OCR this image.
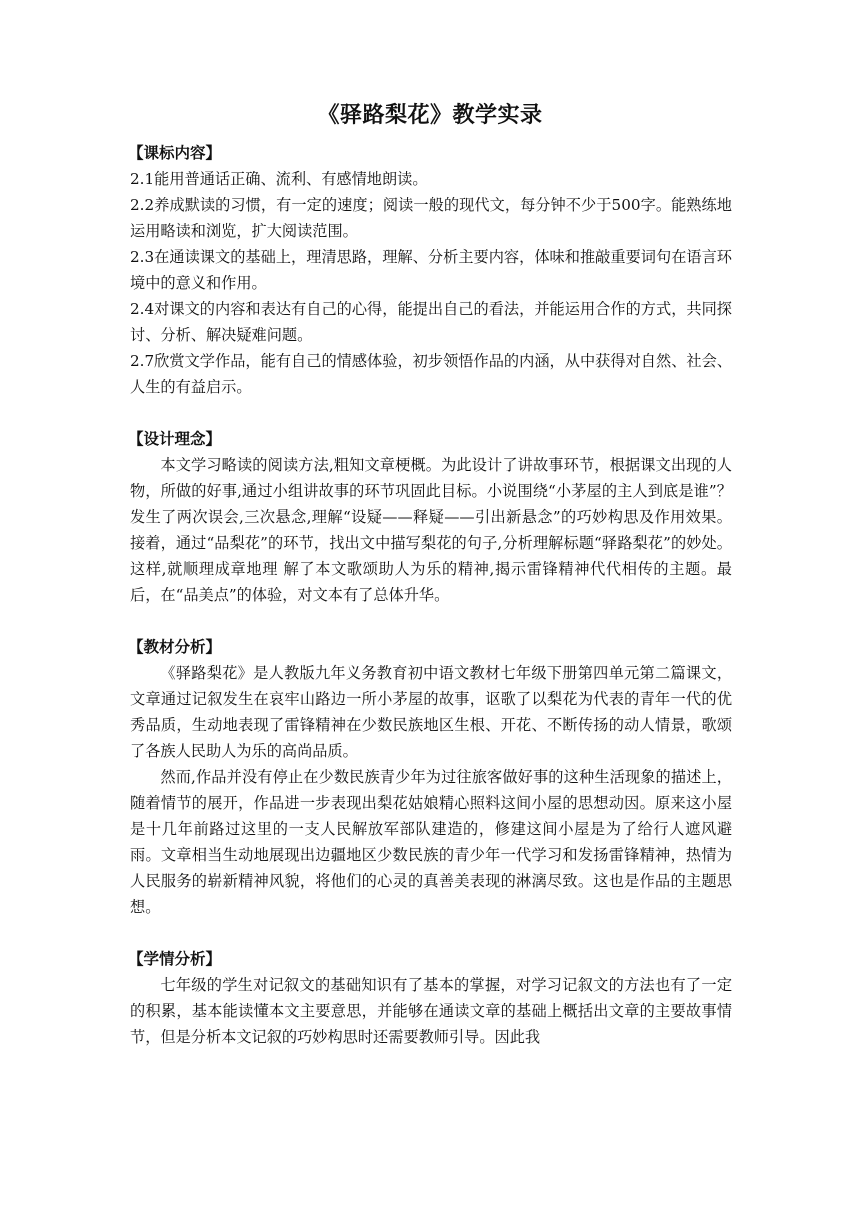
《驿路梨花》教学实录
【课标内容】

2.1能用普通话正确、流利、有感情地朗读。

2.2养成默读的习惯，有一定的速度；阅读一般的现代文，每分钟不少于500字。能熟练地运用略读和浏览，扩大阅读范围。

2.3在通读课文的基础上，理清思路，理解、分析主要内容，体味和推敲重要词句在语言环境中的意义和作用。

2.4对课文的内容和表达有自己的心得，能提出自己的看法，并能运用合作的方式，共同探讨、分析、解决疑难问题。

2.7欣赏文学作品，能有自己的情感体验，初步领悟作品的内涵，从中获得对自然、社会、人生的有益启示。

【设计理念】

本文学习略读的阅读方法,粗知文章梗概。为此设计了讲故事环节，根据课文出现的人物，所做的好事,通过小组讲故事的环节巩固此目标。小说围绕“小茅屋的主人到底是谁”？　发生了两次误会,三次悬念,理解“设疑——释疑——引出新悬念”的巧妙构思及作用效果。接着，通过“品梨花”的环节，找出文中描写梨花的句子,分析理解标题“驿路梨花”的妙处。这样,就顺理成章地理 解了本文歌颂助人为乐的精神,揭示雷锋精神代代相传的主题。最后，在“品美点”的体验，对文本有了总体升华。

【教材分析】

《驿路梨花》是人教版九年义务教育初中语文教材七年级下册第四单元第二篇课文，文章通过记叙发生在哀牢山路边一所小茅屋的故事，讴歌了以梨花为代表的青年一代的优秀品质，生动地表现了雷锋精神在少数民族地区生根、开花、不断传扬的动人情景，歌颂了各族人民助人为乐的高尚品质。

然而,作品并没有停止在少数民族青少年为过往旅客做好事的这种生活现象的描述上，随着情节的展开，作品进一步表现出梨花姑娘精心照料这间小屋的思想动因。原来这小屋是十几年前路过这里的一支人民解放军部队建造的，修建这间小屋是为了给行人遮风避雨。文章相当生动地展现出边疆地区少数民族的青少年一代学习和发扬雷锋精神，热情为人民服务的崭新精神风貌，将他们的心灵的真善美表现的淋漓尽致。这也是作品的主题思想。

【学情分析】

七年级的学生对记叙文的基础知识有了基本的掌握，对学习记叙文的方法也有了一定的积累，基本能读懂本文主要意思，并能够在通读文章的基础上概括出文章的主要故事情节，但是分析本文记叙的巧妙构思时还需要教师引导。因此我
